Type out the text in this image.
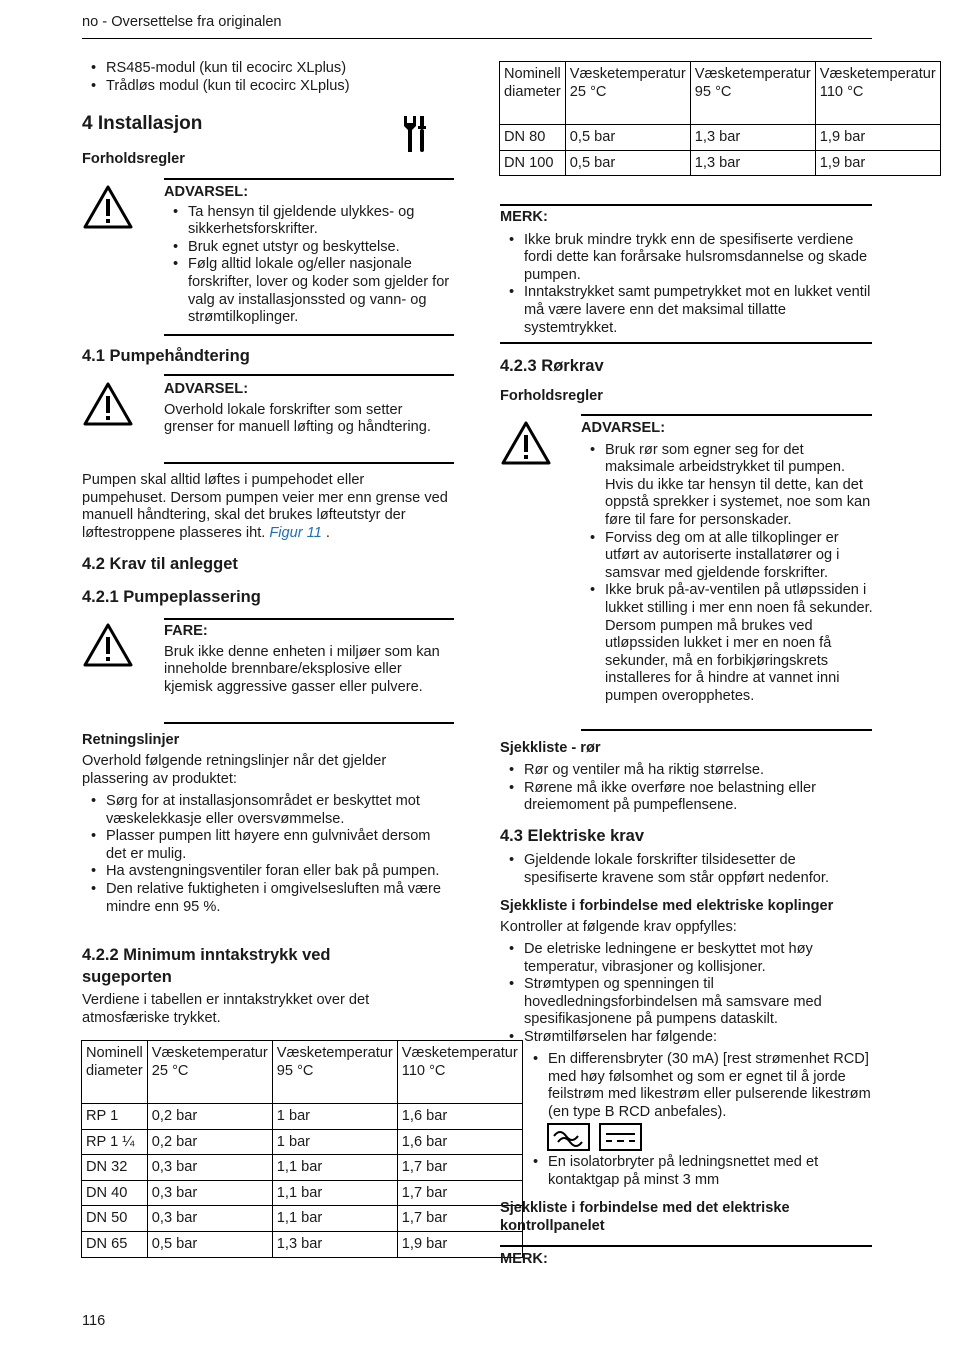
no - Oversettelse fra originalen
• RS485-modul (kun til ecocirc XLplus)
• Trådløs modul (kun til ecocirc XLplus)
4 Installasjon
Forholdsregler
ADVARSEL:
• Ta hensyn til gjeldende ulykkes- og sikkerhetsforskrifter.
• Bruk egnet utstyr og beskyttelse.
• Følg alltid lokale og/eller nasjonale forskrifter, lover og koder som gjelder for valg av installasjonssted og vann- og strømtilkoplinger.
4.1 Pumpehåndtering
ADVARSEL:
Overhold lokale forskrifter som setter grenser for manuell løfting og håndtering.
Pumpen skal alltid løftes i pumpehodet eller pumpehuset. Dersom pumpen veier mer enn grense ved manuell håndtering, skal det brukes løfteutstyr der løftestroppene plasseres iht. Figur 11 .
4.2 Krav til anlegget
4.2.1 Pumpeplassering
FARE:
Bruk ikke denne enheten i miljøer som kan inneholde brennbare/eksplosive eller kjemisk aggressive gasser eller pulvere.
Retningslinjer
Overhold følgende retningslinjer når det gjelder plassering av produktet:
• Sørg for at installasjonsområdet er beskyttet mot væskelekkasje eller oversvømmelse.
• Plasser pumpen litt høyere enn gulvnivået dersom det er mulig.
• Ha avstengningsventiler foran eller bak på pumpen.
• Den relative fuktigheten i omgivelsesluften må være mindre enn 95 %.
4.2.2 Minimum inntakstrykk ved sugeporten
Verdiene i tabellen er inntakstrykket over det atmosfæriske trykket.
Nominell diameter	Væsketemperatur 25 °C	Væsketemperatur 95 °C	Væsketemperatur 110 °C
RP 1	0,2 bar	1 bar	1,6 bar
RP 1 ¼	0,2 bar	1 bar	1,6 bar
DN 32	0,3 bar	1,1 bar	1,7 bar
DN 40	0,3 bar	1,1 bar	1,7 bar
DN 50	0,3 bar	1,1 bar	1,7 bar
DN 65	0,5 bar	1,3 bar	1,9 bar
Nominell diameter	Væsketemperatur 25 °C	Væsketemperatur 95 °C	Væsketemperatur 110 °C
DN 80	0,5 bar	1,3 bar	1,9 bar
DN 100	0,5 bar	1,3 bar	1,9 bar
MERK:
• Ikke bruk mindre trykk enn de spesifiserte verdiene fordi dette kan forårsake hulsromsdannelse og skade pumpen.
• Inntakstrykket samt pumpetrykket mot en lukket ventil må være lavere enn det maksimal tillatte systemtrykket.
4.2.3 Rørkrav
Forholdsregler
ADVARSEL:
• Bruk rør som egner seg for det maksimale arbeidstrykket til pumpen. Hvis du ikke tar hensyn til dette, kan det oppstå sprekker i systemet, noe som kan føre til fare for personskader.
• Forviss deg om at alle tilkoplinger er utført av autoriserte installatører og i samsvar med gjeldende forskrifter.
• Ikke bruk på-av-ventilen på utløpssiden i lukket stilling i mer enn noen få sekunder. Dersom pumpen må brukes ved utløpssiden lukket i mer en noen få sekunder, må en forbikjøringskrets installeres for å hindre at vannet inni pumpen overopphetes.
Sjekkliste - rør
• Rør og ventiler må ha riktig størrelse.
• Rørene må ikke overføre noe belastning eller dreiemoment på pumpeflensene.
4.3 Elektriske krav
• Gjeldende lokale forskrifter tilsidesetter de spesifiserte kravene som står oppført nedenfor.
Sjekkliste i forbindelse med elektriske koplinger
Kontroller at følgende krav oppfylles:
• De eletriske ledningene er beskyttet mot høy temperatur, vibrasjoner og kollisjoner.
• Strømtypen og spenningen til hovedledningsforbindelsen må samsvare med spesifikasjonene på pumpens dataskilt.
• Strømtilførselen har følgende:
• En differensbryter (30 mA) [rest strømenhet RCD] med høy følsomhet og som er egnet til å jorde feilstrøm med likestrøm eller pulserende likestrøm (en type B RCD anbefales).
• En isolatorbryter på ledningsnettet med et kontaktgap på minst 3 mm
Sjekkliste i forbindelse med det elektriske kontrollpanelet
MERK:
116
